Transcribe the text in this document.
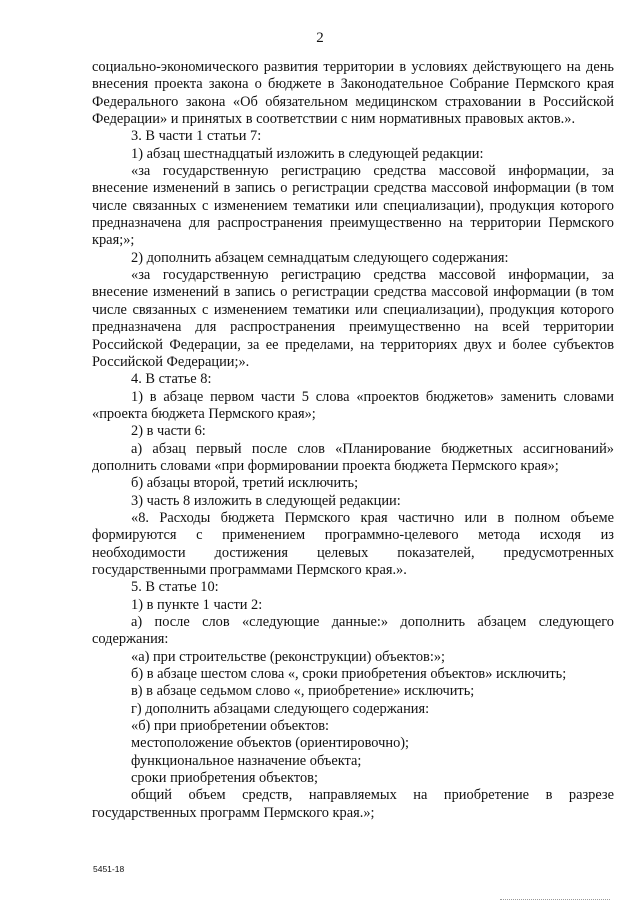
2

социально-экономического развития территории в условиях действующего на день внесения проекта закона о бюджете в Законодательное Собрание Пермского края Федерального закона «Об обязательном медицинском страховании в Российской Федерации» и принятых в соответствии с ним нормативных правовых актов.».

3. В части 1 статьи 7:

1) абзац шестнадцатый изложить в следующей редакции:

«за государственную регистрацию средства массовой информации, за внесение изменений в запись о регистрации средства массовой информации (в том числе связанных с изменением тематики или специализации), продукция которого предназначена для распространения преимущественно на территории Пермского края;»;

2) дополнить абзацем семнадцатым следующего содержания:

«за государственную регистрацию средства массовой информации, за внесение изменений в запись о регистрации средства массовой информации (в том числе связанных с изменением тематики или специализации), продукция которого предназначена для распространения преимущественно на всей территории Российской Федерации, за ее пределами, на территориях двух и более субъектов Российской Федерации;».

4. В статье 8:

1) в абзаце первом части 5 слова «проектов бюджетов» заменить словами «проекта бюджета Пермского края»;

2) в части 6:

а) абзац первый после слов «Планирование бюджетных ассигнований» дополнить словами «при формировании проекта бюджета Пермского края»;

б) абзацы второй, третий исключить;

3) часть 8 изложить в следующей редакции:

«8. Расходы бюджета Пермского края частично или в полном объеме формируются с применением программно-целевого метода исходя из необходимости достижения целевых показателей, предусмотренных государственными программами Пермского края.».

5. В статье 10:

1) в пункте 1 части 2:

а) после слов «следующие данные:» дополнить абзацем следующего содержания:

«а) при строительстве (реконструкции) объектов:»;

б) в абзаце шестом слова «, сроки приобретения объектов» исключить;

в) в абзаце седьмом слово «, приобретение» исключить;

г) дополнить абзацами следующего содержания:

«б) при приобретении объектов:

местоположение объектов (ориентировочно);

функциональное назначение объекта;

сроки приобретения объектов;

общий объем средств, направляемых на приобретение в разрезе государственных программ Пермского края.»;

5451-18
